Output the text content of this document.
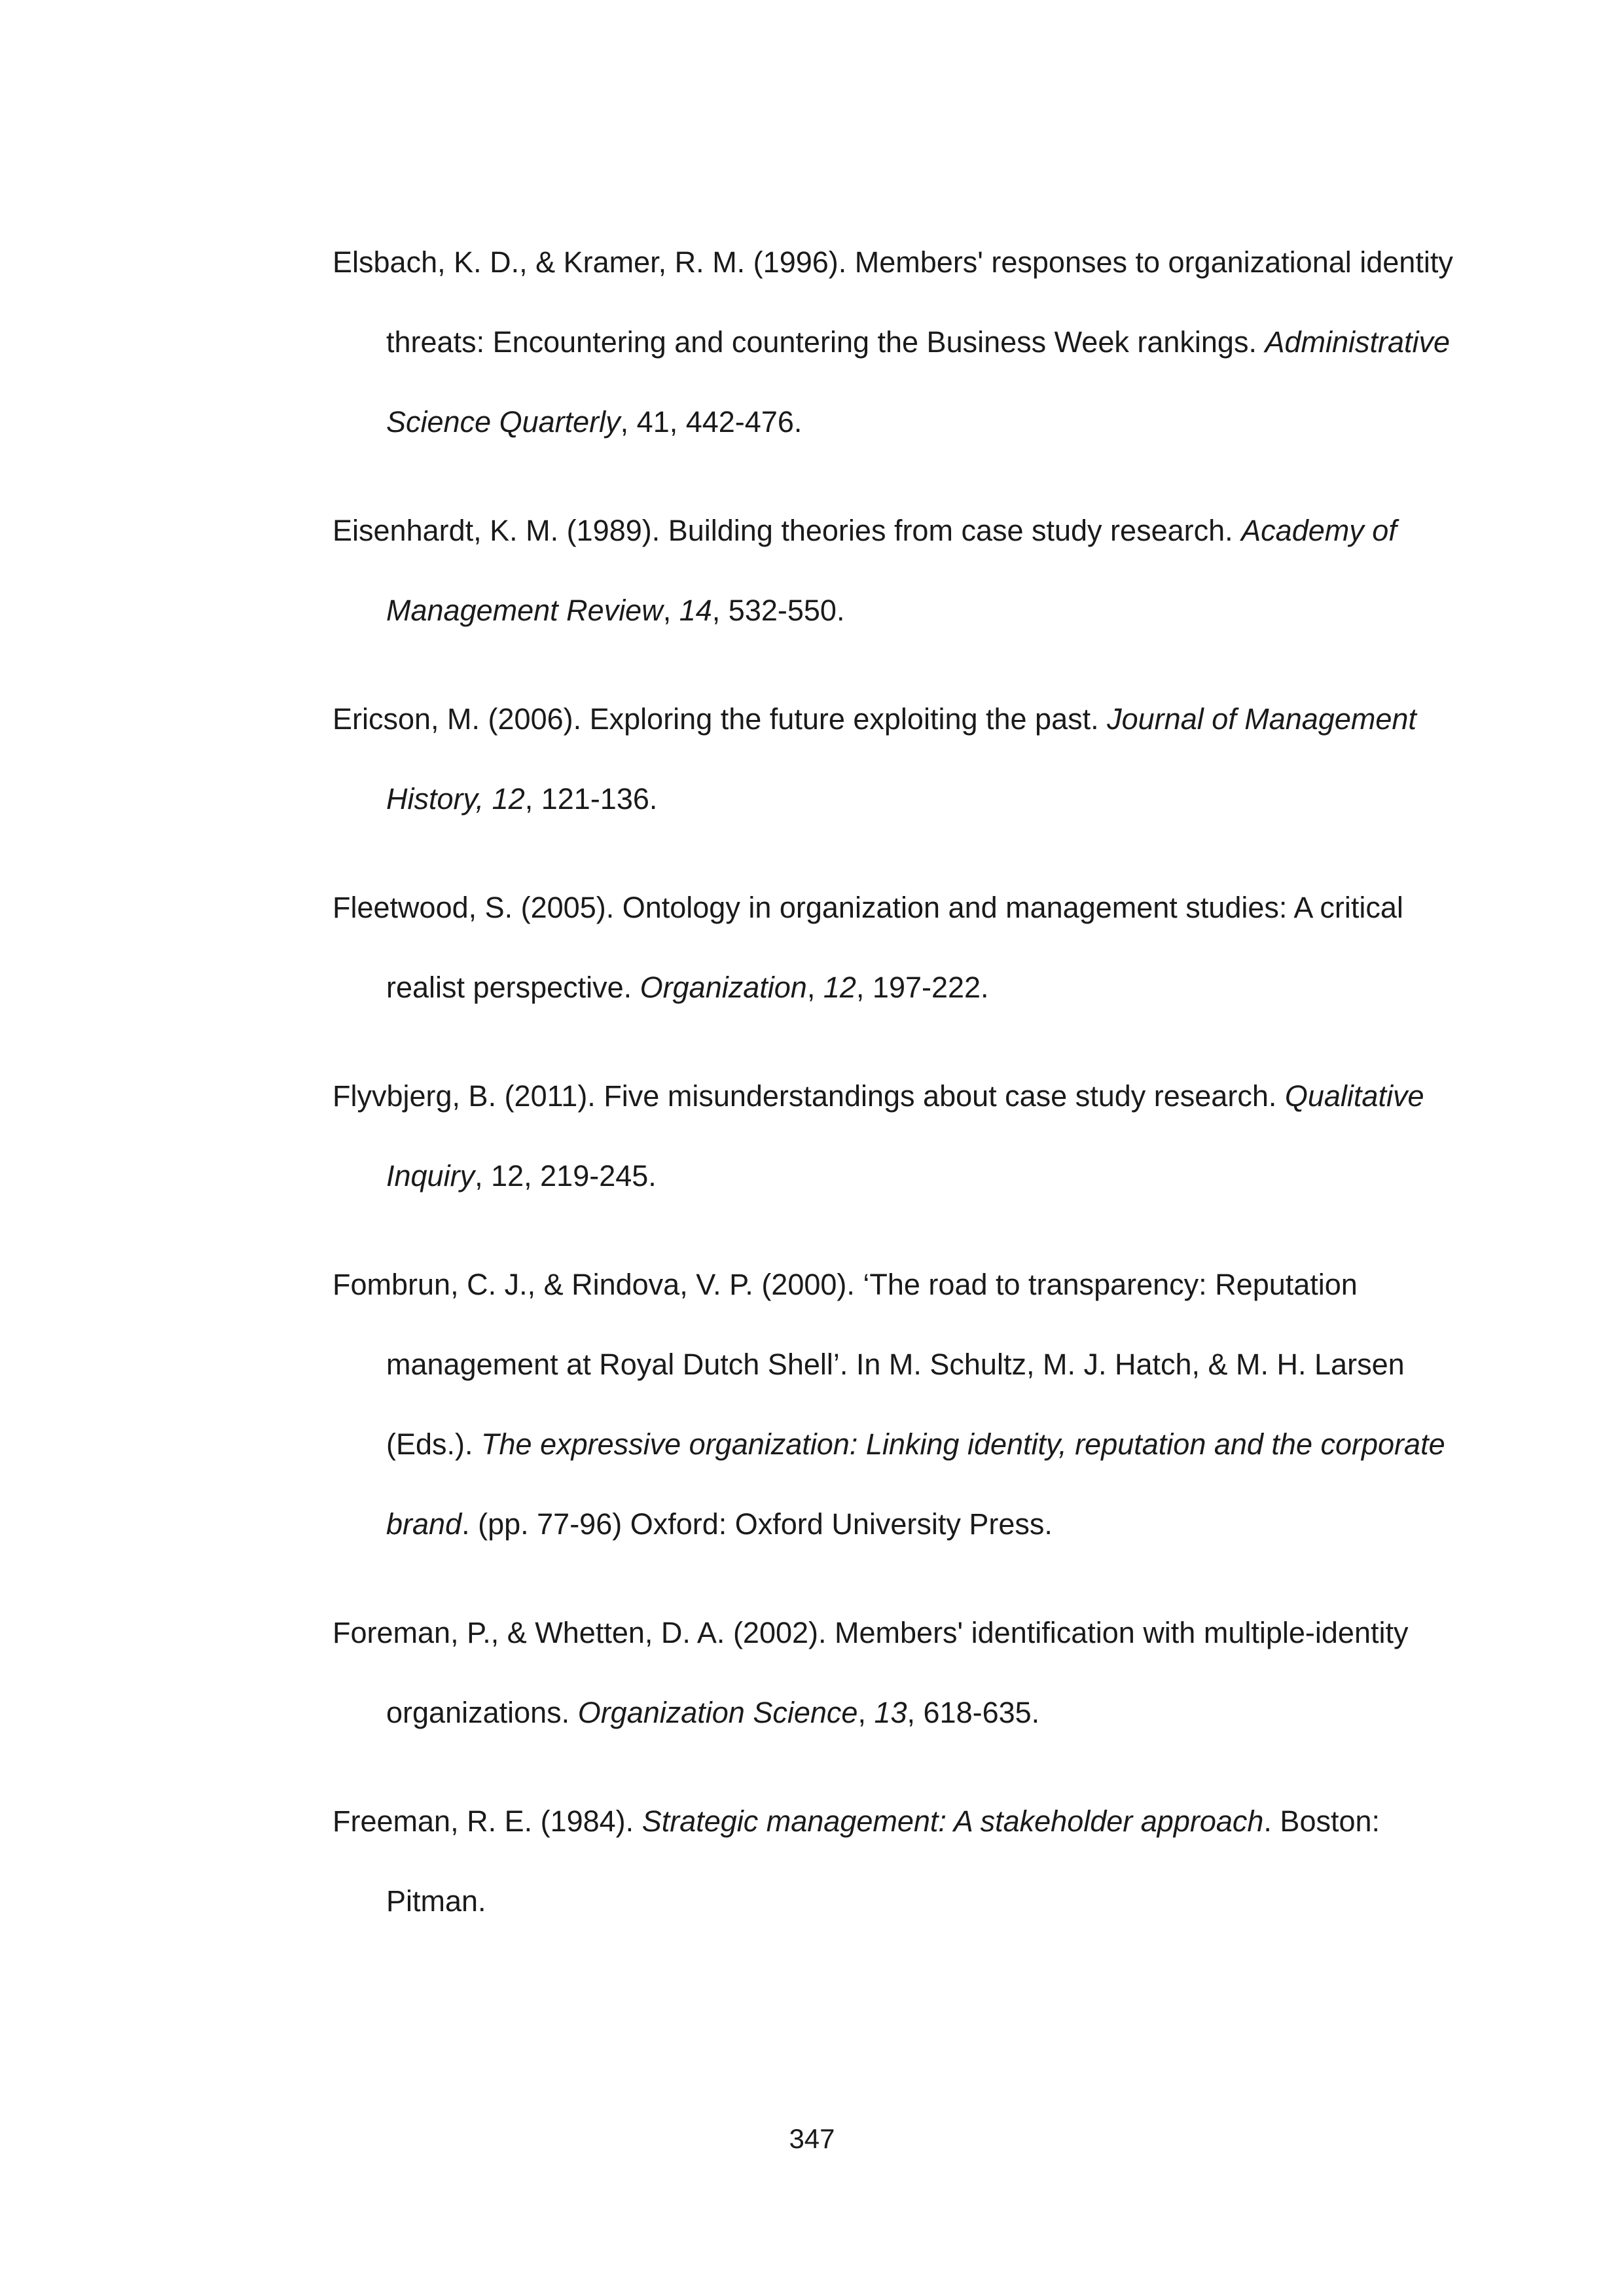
Elsbach, K. D., & Kramer, R. M. (1996). Members' responses to organizational identity threats: Encountering and countering the Business Week rankings. Administrative Science Quarterly, 41, 442-476.

Eisenhardt, K. M. (1989). Building theories from case study research. Academy of Management Review, 14, 532-550.

Ericson, M. (2006). Exploring the future exploiting the past. Journal of Management History, 12, 121-136.

Fleetwood, S. (2005). Ontology in organization and management studies: A critical realist perspective. Organization, 12, 197-222.

Flyvbjerg, B. (2011). Five misunderstandings about case study research. Qualitative Inquiry, 12, 219-245.

Fombrun, C. J., & Rindova, V. P. (2000). ‘The road to transparency: Reputation management at Royal Dutch Shell’. In M. Schultz, M. J. Hatch, & M. H. Larsen (Eds.). The expressive organization: Linking identity, reputation and the corporate brand. (pp. 77-96) Oxford: Oxford University Press.

Foreman, P., & Whetten, D. A. (2002). Members' identification with multiple-identity organizations. Organization Science, 13, 618-635.

Freeman, R. E. (1984). Strategic management: A stakeholder approach. Boston: Pitman.

347
